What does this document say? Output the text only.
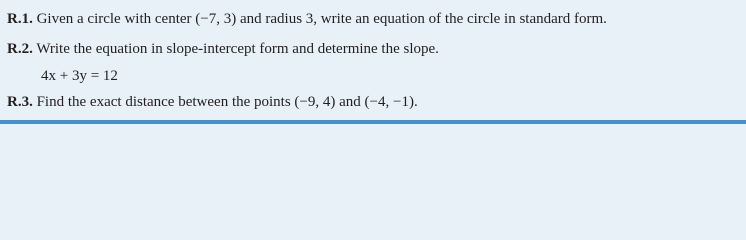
R.1. Given a circle with center (−7, 3) and radius 3, write an equation of the circle in standard form.
R.2. Write the equation in slope-intercept form and determine the slope.
4x + 3y = 12
R.3. Find the exact distance between the points (−9, 4) and (−4, −1).
